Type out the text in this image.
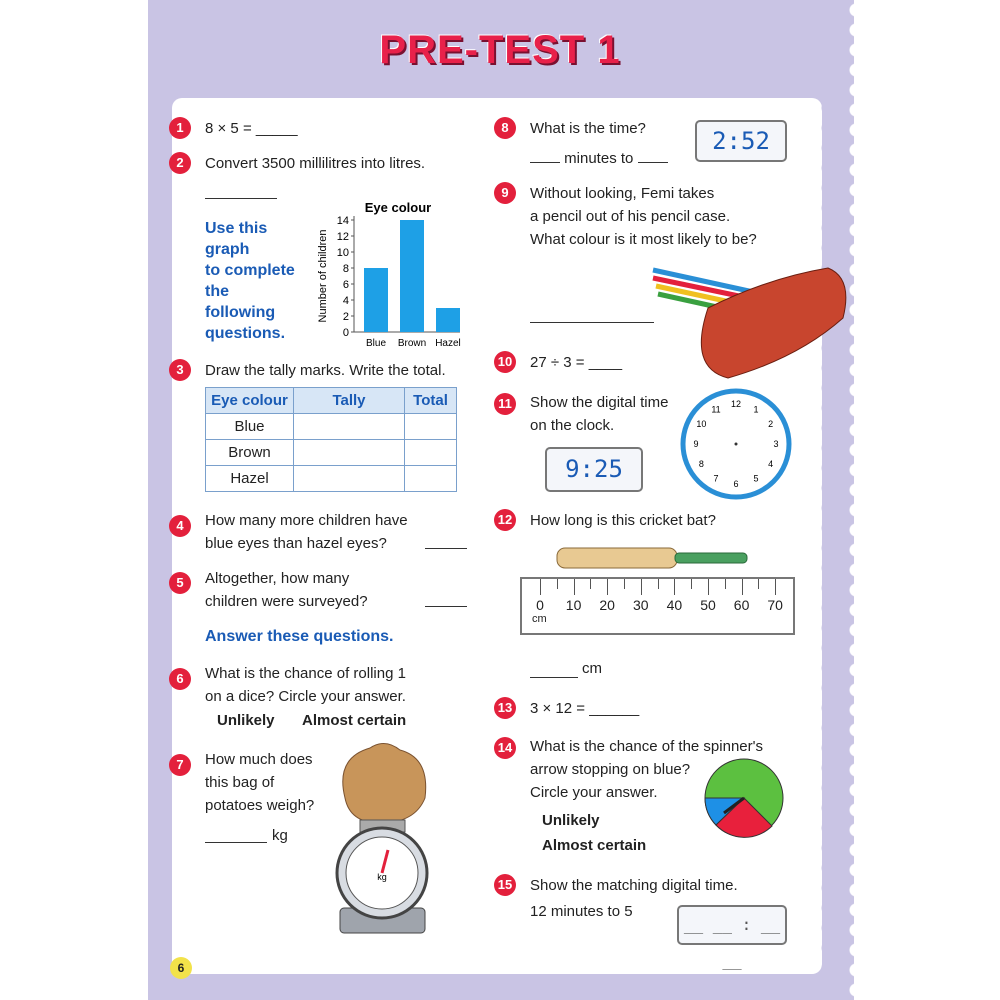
PRE-TEST 1
1	8 × 5 = _____
2	Convert 3500 millilitres into litres.
Use this
graph
to complete
the
following
questions.
Eye colour
Number of children
0
2
4
6
8
10
12
14
Blue Brown Hazel
3	Draw the tally marks. Write the total.
Eye colour	Tally	Total
Blue		
Brown		
Hazel		
4	How many more children have
blue eyes than hazel eyes?
5	Altogether, how many
children were surveyed?
Answer these questions.
6	What is the chance of rolling 1
on a dice? Circle your answer.
Unlikely Almost certain
7	How much does
this bag of
potatoes weigh?
kg
kg
8	What is the time?
minutes to
2:52
9	Without looking, Femi takes
a pencil out of his pencil case.
What colour is it most likely to be?
10 27 ÷ 3 = ____
11 Show the digital time
on the clock.
9:25
12
1
2
3
4
5
6
7
8
9
10
11
12 How long is this cricket bat?
0	10 20 30 40 50 60 70
cm
cm
13 3 × 12 = ______
14 What is the chance of the spinner's
arrow stopping on blue?
Circle your answer.
Unlikely
Almost certain
15 Show the matching digital time.
12 minutes to 5
__ __ : __ __
6
